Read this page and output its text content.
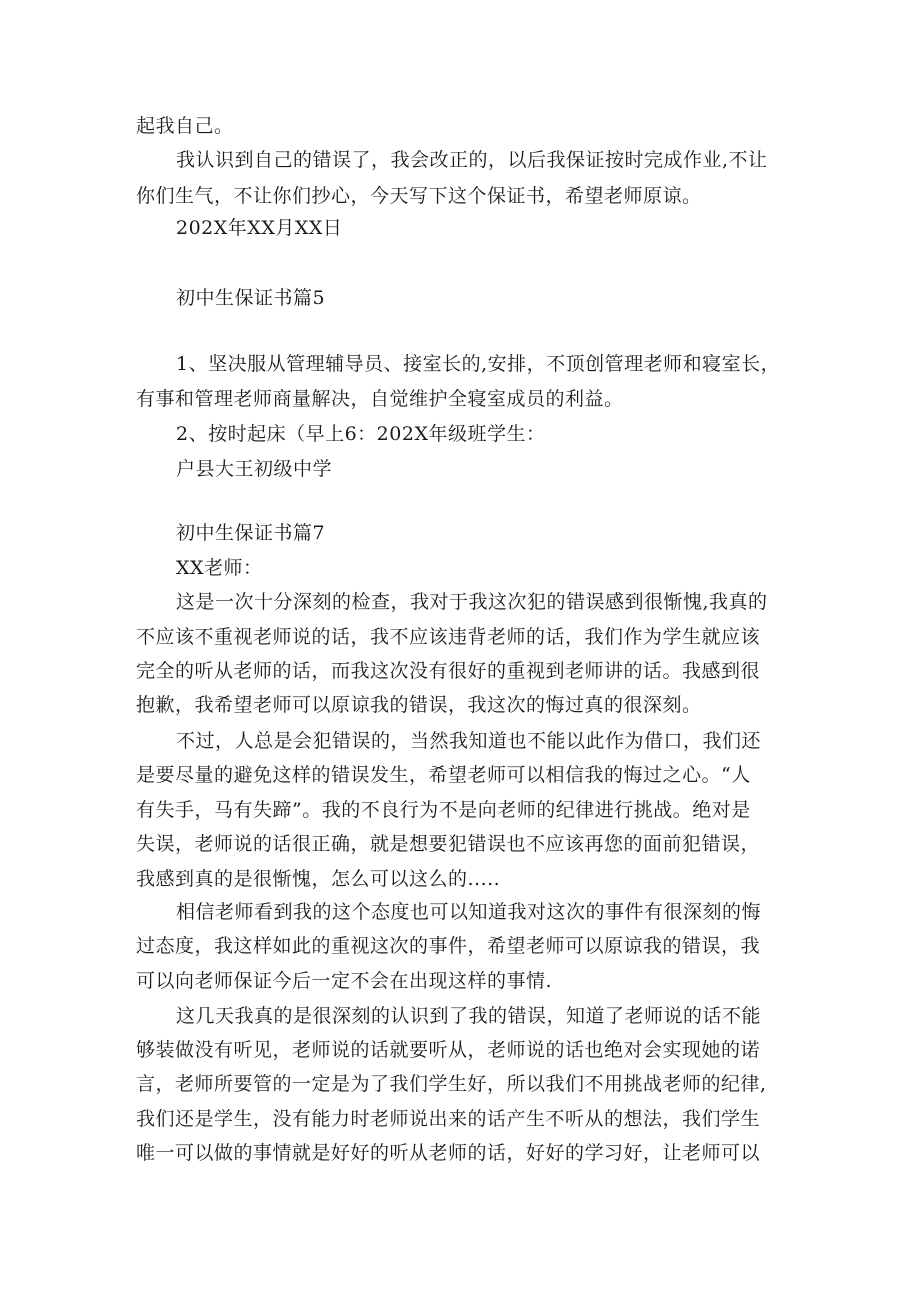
起我自己。
我认识到自己的错误了，我会改正的，以后我保证按时完成作业,不让
你们生气，不让你们抄心，今天写下这个保证书，希望老师原谅。
202X年XX月XX日
初中生保证书篇5
1、坚决服从管理辅导员、接室长的,安排，不顶创管理老师和寝室长，
有事和管理老师商量解决，自觉维护全寝室成员的利益。
2、按时起床（早上6：202X年级班学生：
户县大王初级中学
初中生保证书篇7
XX老师：
这是一次十分深刻的检查，我对于我这次犯的错误感到很惭愧,我真的
不应该不重视老师说的话，我不应该违背老师的话，我们作为学生就应该
完全的听从老师的话，而我这次没有很好的重视到老师讲的话。我感到很
抱歉，我希望老师可以原谅我的错误，我这次的悔过真的很深刻。
不过，人总是会犯错误的，当然我知道也不能以此作为借口，我们还
是要尽量的避免这样的错误发生，希望老师可以相信我的悔过之心。“人
有失手，马有失蹄”。我的不良行为不是向老师的纪律进行挑战。绝对是
失误，老师说的话很正确，就是想要犯错误也不应该再您的面前犯错误，
我感到真的是很惭愧，怎么可以这么的.....
相信老师看到我的这个态度也可以知道我对这次的事件有很深刻的悔
过态度，我这样如此的重视这次的事件，希望老师可以原谅我的错误，我
可以向老师保证今后一定不会在出现这样的事情.
这几天我真的是很深刻的认识到了我的错误，知道了老师说的话不能
够装做没有听见，老师说的话就要听从，老师说的话也绝对会实现她的诺
言，老师所要管的一定是为了我们学生好，所以我们不用挑战老师的纪律,
我们还是学生，没有能力时老师说出来的话产生不听从的想法，我们学生
唯一可以做的事情就是好好的听从老师的话，好好的学习好，让老师可以
